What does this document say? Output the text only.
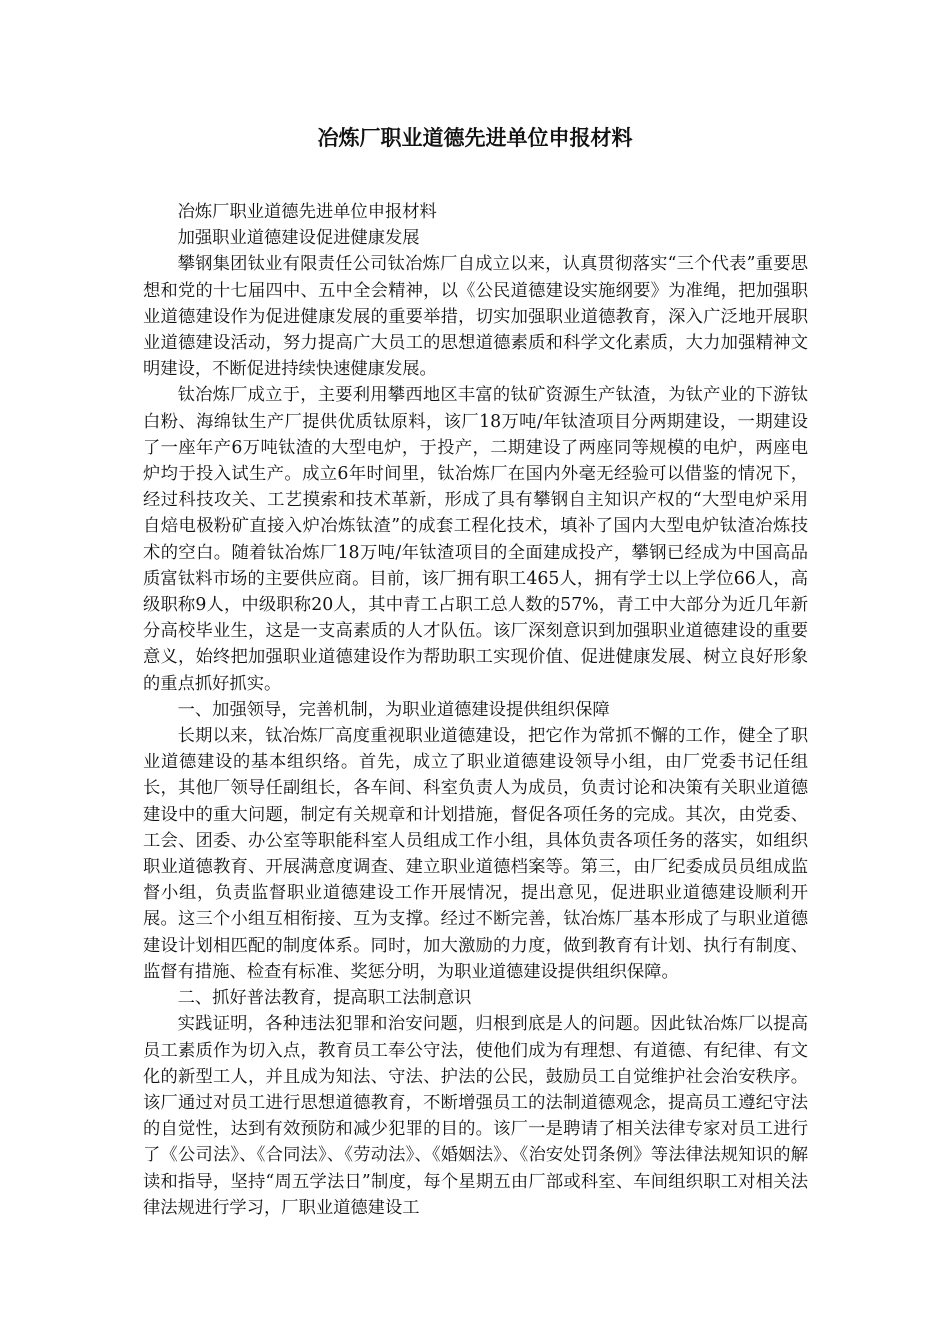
冶炼厂职业道德先进单位申报材料

冶炼厂职业道德先进单位申报材料

加强职业道德建设促进健康发展

攀钢集团钛业有限责任公司钛冶炼厂自成立以来，认真贯彻落实“三个代表”重要思想和党的十七届四中、五中全会精神，以《公民道德建设实施纲要》为准绳，把加强职业道德建设作为促进健康发展的重要举措，切实加强职业道德教育，深入广泛地开展职业道德建设活动，努力提高广大员工的思想道德素质和科学文化素质，大力加强精神文明建设，不断促进持续快速健康发展。

钛冶炼厂成立于，主要利用攀西地区丰富的钛矿资源生产钛渣，为钛产业的下游钛白粉、海绵钛生产厂提供优质钛原料，该厂18万吨/年钛渣项目分两期建设，一期建设了一座年产6万吨钛渣的大型电炉，于投产，二期建设了两座同等规模的电炉，两座电炉均于投入试生产。成立6年时间里，钛冶炼厂在国内外毫无经验可以借鉴的情况下，经过科技攻关、工艺摸索和技术革新，形成了具有攀钢自主知识产权的“大型电炉采用自焙电极粉矿直接入炉冶炼钛渣”的成套工程化技术，填补了国内大型电炉钛渣冶炼技术的空白。随着钛冶炼厂18万吨/年钛渣项目的全面建成投产，攀钢已经成为中国高品质富钛料市场的主要供应商。目前，该厂拥有职工465人，拥有学士以上学位66人，高级职称9人，中级职称20人，其中青工占职工总人数的57%，青工中大部分为近几年新分高校毕业生，这是一支高素质的人才队伍。该厂深刻意识到加强职业道德建设的重要意义，始终把加强职业道德建设作为帮助职工实现价值、促进健康发展、树立良好形象的重点抓好抓实。

一、加强领导，完善机制，为职业道德建设提供组织保障

长期以来，钛冶炼厂高度重视职业道德建设，把它作为常抓不懈的工作，健全了职业道德建设的基本组织络。首先，成立了职业道德建设领导小组，由厂党委书记任组长，其他厂领导任副组长，各车间、科室负责人为成员，负责讨论和决策有关职业道德建设中的重大问题，制定有关规章和计划措施，督促各项任务的完成。其次，由党委、工会、团委、办公室等职能科室人员组成工作小组，具体负责各项任务的落实，如组织职业道德教育、开展满意度调查、建立职业道德档案等。第三，由厂纪委成员员组成监督小组，负责监督职业道德建设工作开展情况，提出意见，促进职业道德建设顺利开展。这三个小组互相衔接、互为支撑。经过不断完善，钛冶炼厂基本形成了与职业道德建设计划相匹配的制度体系。同时，加大激励的力度，做到教育有计划、执行有制度、监督有措施、检查有标准、奖惩分明，为职业道德建设提供组织保障。

二、抓好普法教育，提高职工法制意识

实践证明，各种违法犯罪和治安问题，归根到底是人的问题。因此钛冶炼厂以提高员工素质作为切入点，教育员工奉公守法，使他们成为有理想、有道德、有纪律、有文化的新型工人，并且成为知法、守法、护法的公民，鼓励员工自觉维护社会治安秩序。该厂通过对员工进行思想道德教育，不断增强员工的法制道德观念，提高员工遵纪守法的自觉性，达到有效预防和减少犯罪的目的。该厂一是聘请了相关法律专家对员工进行了《公司法》、《合同法》、《劳动法》、《婚姻法》、《治安处罚条例》等法律法规知识的解读和指导，坚持“周五学法日”制度，每个星期五由厂部或科室、车间组织职工对相关法律法规进行学习，厂职业道德建设工
